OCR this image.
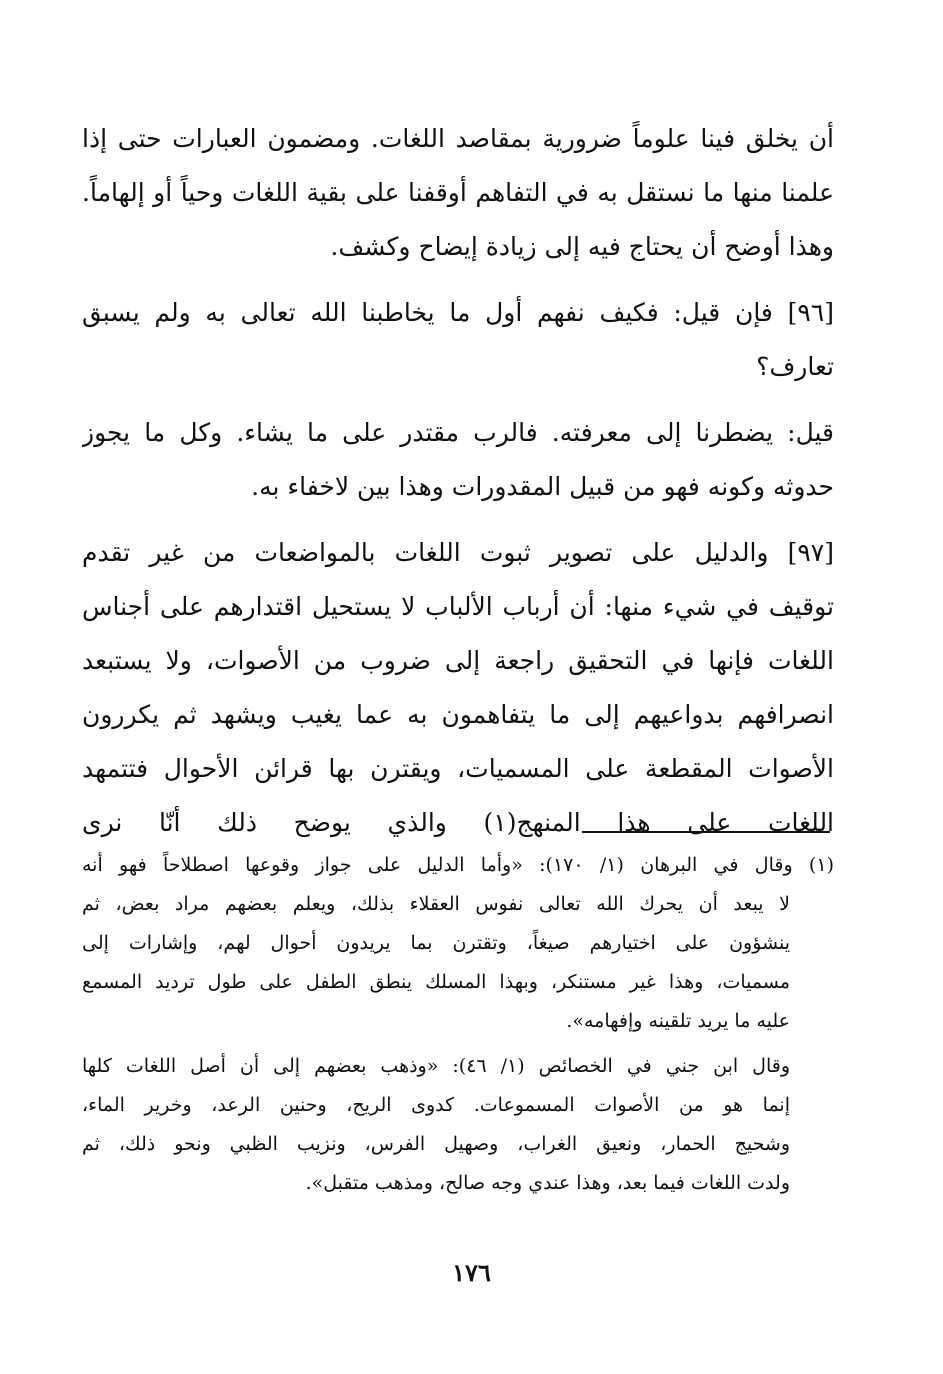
أن يخلق فينا علوماً ضرورية بمقاصد اللغات. ومضمون العبارات حتى إذا
علمنا منها ما نستقل به في التفاهم أوقفنا على بقية اللغات وحياً أو إلهاماً.
وهذا أوضح أن يحتاج فيه إلى زيادة إيضاح وكشف.
[٩٦] فإن قيل: فكيف نفهم أول ما يخاطبنا الله تعالى به ولم يسبق
تعارف؟
قيل: يضطرنا إلى معرفته. فالرب مقتدر على ما يشاء. وكل ما يجوز
حدوثه وكونه فهو من قبيل المقدورات وهذا بين لاخفاء به.
[٩٧] والدليل على تصوير ثبوت اللغات بالمواضعات من غير تقدم
توقيف في شيء منها: أن أرباب الألباب لا يستحيل اقتدارهم على أجناس
اللغات فإنها في التحقيق راجعة إلى ضروب من الأصوات، ولا يستبعد
انصرافهم بدواعيهم إلى ما يتفاهمون به عما يغيب ويشهد ثم يكررون
الأصوات المقطعة على المسميات، ويقترن بها قرائن الأحوال فتتمهد
اللغات على هذا المنهج(١) والذي يوضح ذلك أنّا نرى
(١) وقال في البرهان (١/ ١٧٠): «وأما الدليل على جواز وقوعها اصطلاحاً فهو أنه
لا يبعد أن يحرك الله تعالى نفوس العقلاء بذلك، ويعلم بعضهم مراد بعض، ثم
ينشؤون على اختيارهم صيغاً، وتقترن بما يريدون أحوال لهم، وإشارات إلى
مسميات، وهذا غير مستنكر، وبهذا المسلك ينطق الطفل على طول ترديد المسمع
عليه ما يريد تلقينه وإفهامه».
وقال ابن جني في الخصائص (١/ ٤٦): «وذهب بعضهم إلى أن أصل اللغات كلها
إنما هو من الأصوات المسموعات. كدوى الريح، وحنين الرعد، وخرير الماء،
وشحيج الحمار، ونعيق الغراب، وصهيل الفرس، ونزيب الظبي ونحو ذلك، ثم
ولدت اللغات فيما بعد، وهذا عندي وجه صالح، ومذهب متقبل».
١٧٦
